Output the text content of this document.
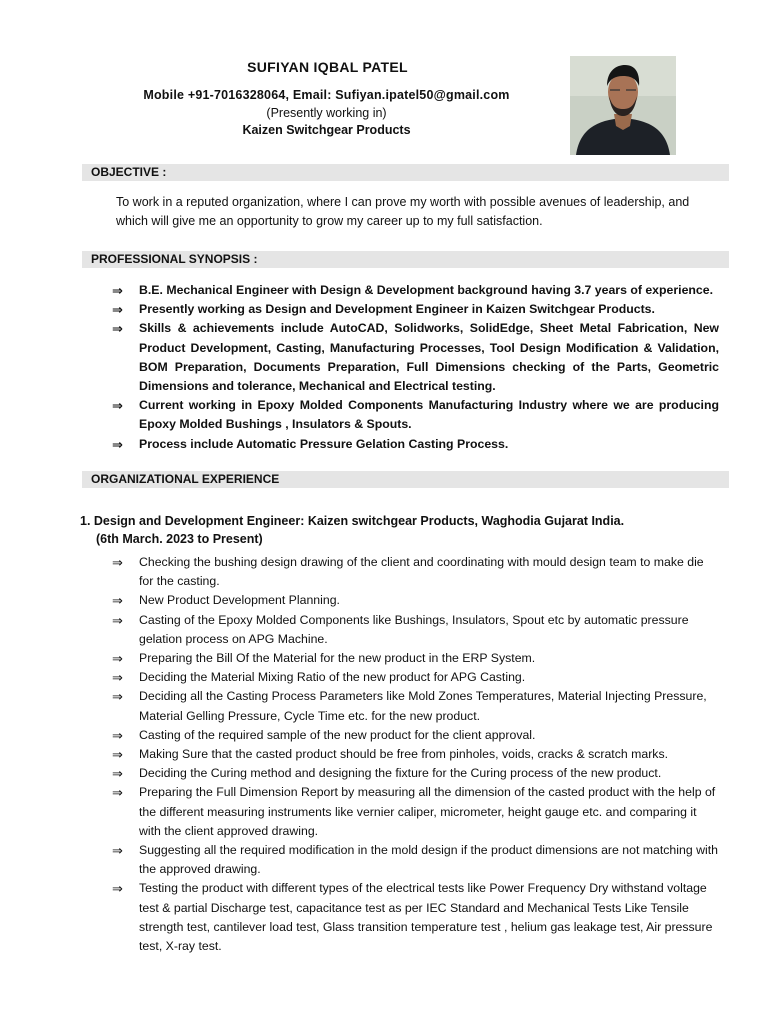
SUFIYAN IQBAL PATEL
Mobile +91-7016328064, Email: Sufiyan.ipatel50@gmail.com
(Presently working in)
Kaizen Switchgear Products
OBJECTIVE :
To work in a reputed organization, where I can prove my worth with possible avenues of leadership, and which will give me an opportunity to grow my career up to my full satisfaction.
PROFESSIONAL SYNOPSIS :
⇒ B.E. Mechanical Engineer with Design & Development background having 3.7 years of experience.
⇒ Presently working as Design and Development Engineer in Kaizen Switchgear Products.
⇒ Skills & achievements include AutoCAD, Solidworks, SolidEdge, Sheet Metal Fabrication, New Product Development, Casting, Manufacturing Processes, Tool Design Modification & Validation, BOM Preparation, Documents Preparation, Full Dimensions checking of the Parts, Geometric Dimensions and tolerance, Mechanical and Electrical testing.
⇒ Current working in Epoxy Molded Components Manufacturing Industry where we are producing Epoxy Molded Bushings , Insulators & Spouts.
⇒ Process include Automatic Pressure Gelation Casting Process.
ORGANIZATIONAL EXPERIENCE
1. Design and Development Engineer: Kaizen switchgear Products, Waghodia Gujarat India.
(6th March. 2023 to Present)
⇒ Checking the bushing design drawing of the client and coordinating with mould design team to make die for the casting.
⇒ New Product Development Planning.
⇒ Casting of the Epoxy Molded Components like Bushings, Insulators, Spout etc by automatic pressure gelation process on APG Machine.
⇒ Preparing the Bill Of the Material for the new product in the ERP System.
⇒ Deciding the Material Mixing Ratio of the new product for APG Casting.
⇒ Deciding all the Casting Process Parameters like Mold Zones Temperatures, Material Injecting Pressure, Material Gelling Pressure, Cycle Time etc. for the new product.
⇒ Casting of the required sample of the new product for the client approval.
⇒ Making Sure that the casted product should be free from pinholes, voids, cracks & scratch marks.
⇒ Deciding the Curing method and designing the fixture for the Curing process of the new product.
⇒ Preparing the Full Dimension Report by measuring all the dimension of the casted product with the help of the different measuring instruments like vernier caliper, micrometer, height gauge etc. and comparing it with the client approved drawing.
⇒ Suggesting all the required modification in the mold design if the product dimensions are not matching with the approved drawing.
⇒ Testing the product with different types of the electrical tests like Power Frequency Dry withstand voltage test & partial Discharge test, capacitance test as per IEC Standard and Mechanical Tests Like Tensile strength test, cantilever load test, Glass transition temperature test , helium gas leakage test, Air pressure test, X-ray test.
